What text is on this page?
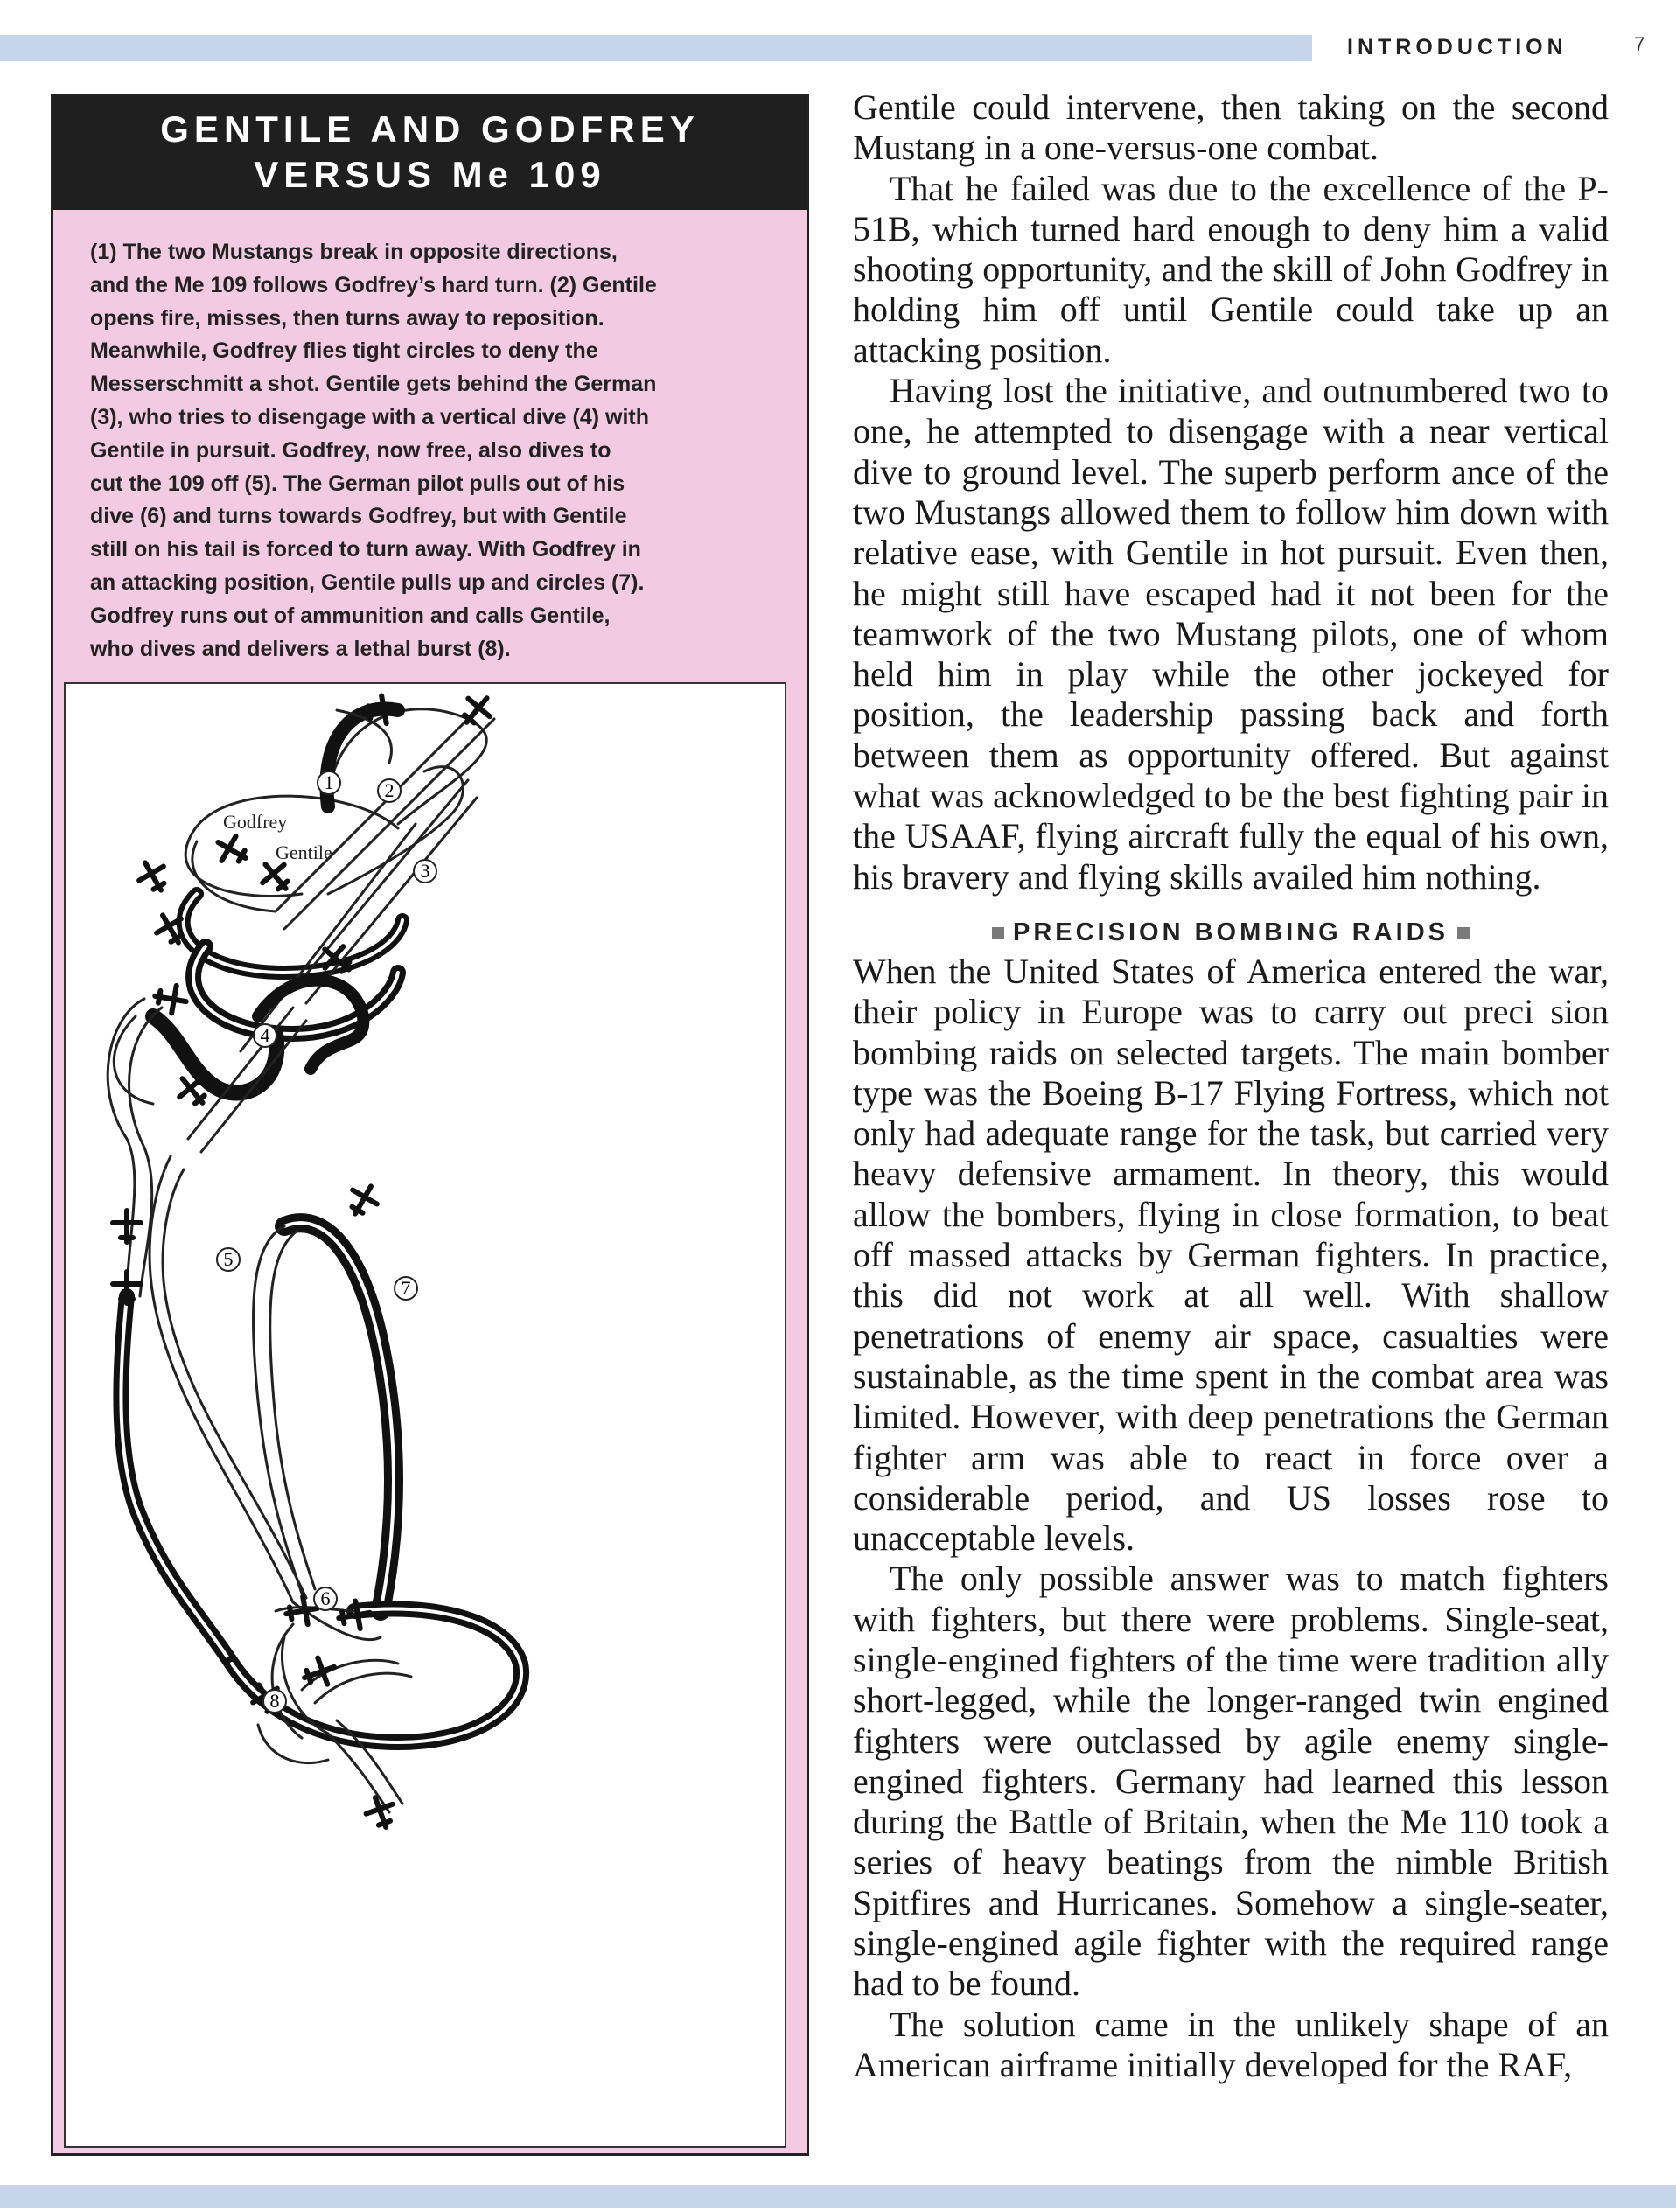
INTRODUCTION	7
GENTILE AND GODFREY
VERSUS Me 109
(1) The two Mustangs break in opposite directions,
and the Me 109 follows Godfrey’s hard turn. (2) Gentile
opens fire, misses, then turns away to reposition.
Meanwhile, Godfrey flies tight circles to deny the
Messerschmitt a shot. Gentile gets behind the German
(3), who tries to disengage with a vertical dive (4) with
Gentile in pursuit. Godfrey, now free, also dives to
cut the 109 off (5). The German pilot pulls out of his
dive (6) and turns towards Godfrey, but with Gentile
still on his tail is forced to turn away. With Godfrey in
an attacking position, Gentile pulls up and circles (7).
Godfrey runs out of ammunition and calls Gentile,
who dives and delivers a lethal burst (8).
1	2
3
4
5
6
7
8
Godfrey
Gentile

Gentile could intervene, then taking on the second Mustang in a one-versus-one combat.

That he failed was due to the excellence of the P-51B, which turned hard enough to deny him a valid shooting opportunity, and the skill of John Godfrey in holding him off until Gentile could take up an attacking position.

Having lost the initiative, and outnumbered two to one, he attempted to disengage with a near vertical dive to ground level. The superb perform ance of the two Mustangs allowed them to follow him down with relative ease, with Gentile in hot pursuit. Even then, he might still have escaped had it not been for the teamwork of the two Mustang pilots, one of whom held him in play while the other jockeyed for position, the leadership passing back and forth between them as opportunity offered. But against what was acknowledged to be the best fighting pair in the USAAF, flying aircraft fully the equal of his own, his bravery and flying skills availed him nothing.

PRECISION BOMBING RAIDS

When the United States of America entered the war, their policy in Europe was to carry out preci sion bombing raids on selected targets. The main bomber type was the Boeing B-17 Flying Fortress, which not only had adequate range for the task, but carried very heavy defensive armament. In theory, this would allow the bombers, flying in close formation, to beat off massed attacks by German fighters. In practice, this did not work at all well. With shallow penetrations of enemy air space, casualties were sustainable, as the time spent in the combat area was limited. However, with deep penetrations the German fighter arm was able to react in force over a considerable period, and US losses rose to unacceptable levels.

The only possible answer was to match fighters with fighters, but there were problems. Single-seat, single-engined fighters of the time were tradition ally short-legged, while the longer-ranged twin engined fighters were outclassed by agile enemy single-engined fighters. Germany had learned this lesson during the Battle of Britain, when the Me 110 took a series of heavy beatings from the nimble British Spitfires and Hurricanes. Somehow a single-seater, single-engined agile fighter with the required range had to be found.

The solution came in the unlikely shape of an American airframe initially developed for the RAF,
